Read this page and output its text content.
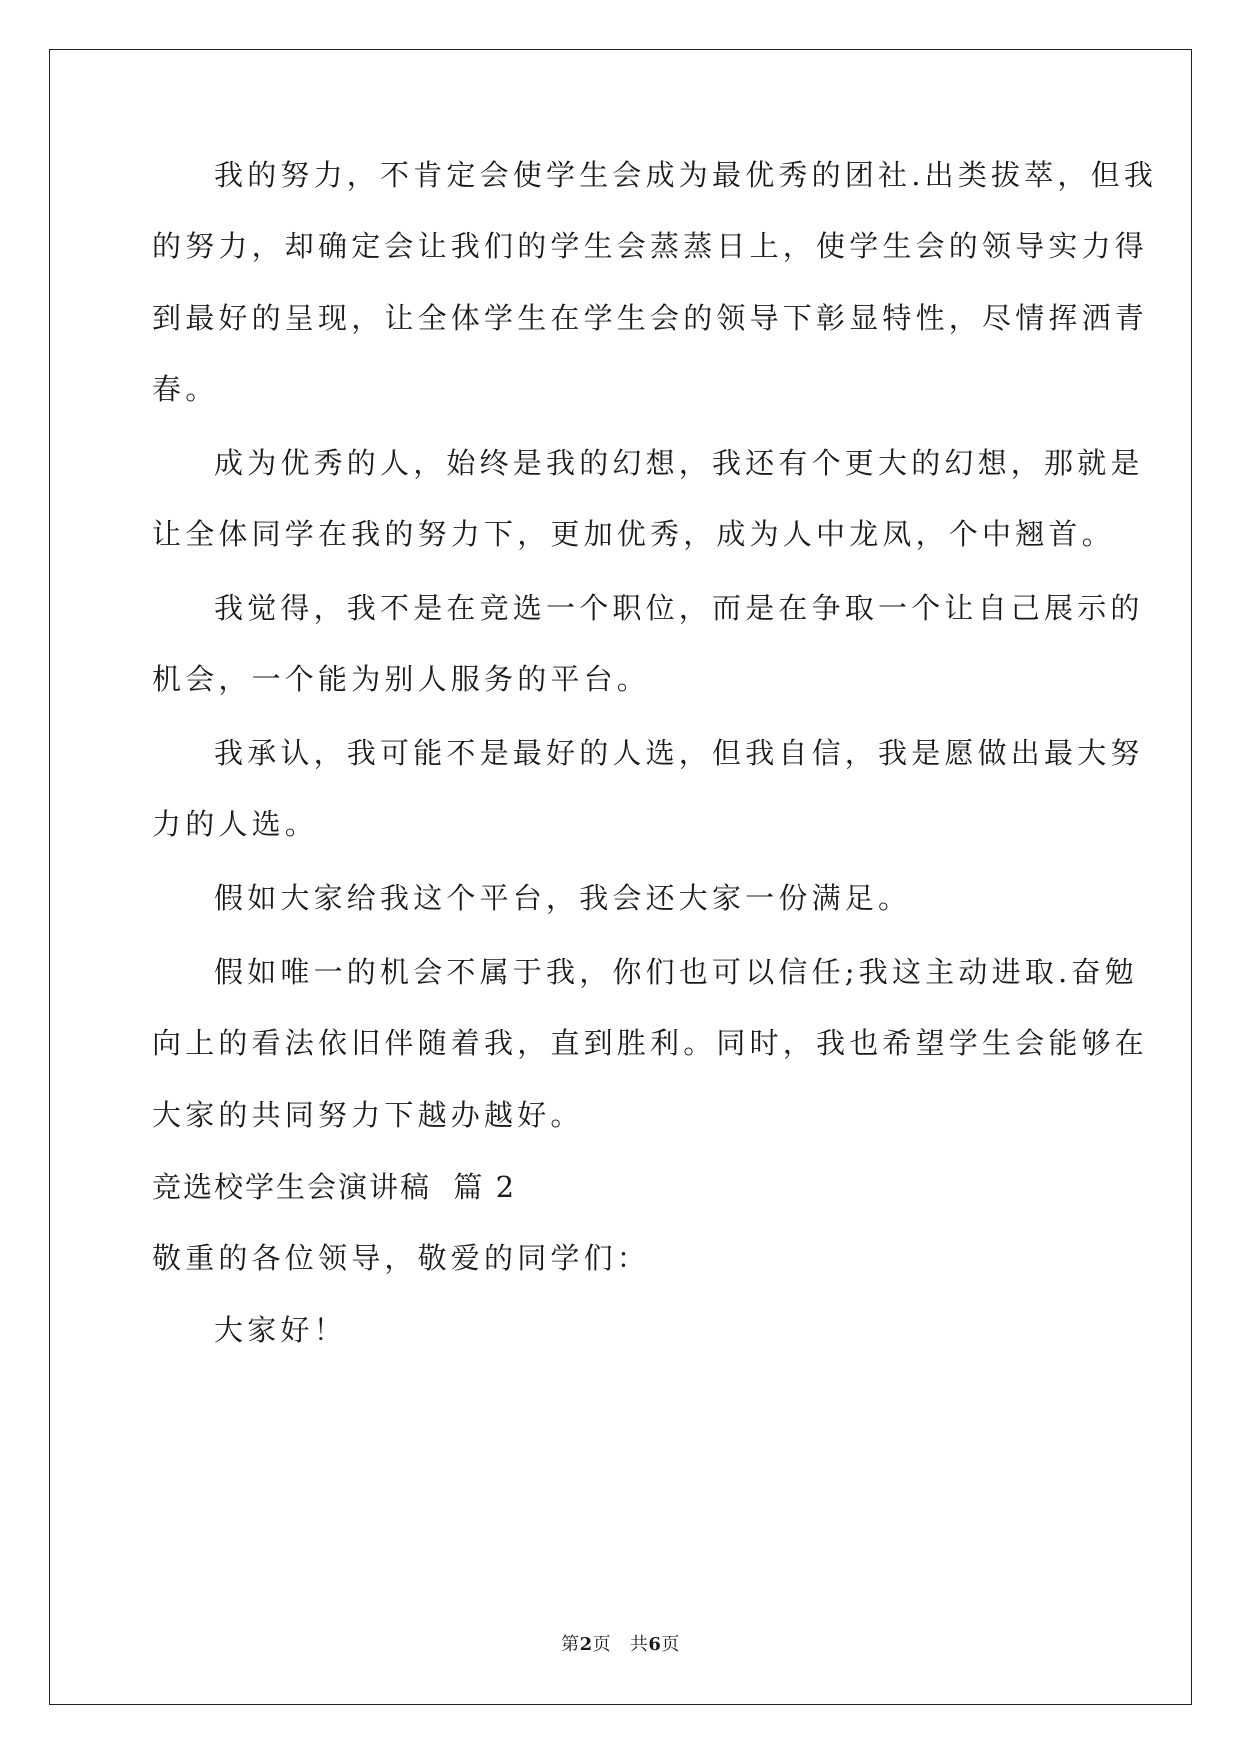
我的努力，不肯定会使学生会成为最优秀的团社.出类拔萃，但我
的努力，却确定会让我们的学生会蒸蒸日上，使学生会的领导实力得
到最好的呈现，让全体学生在学生会的领导下彰显特性，尽情挥洒青
春。
成为优秀的人，始终是我的幻想，我还有个更大的幻想，那就是
让全体同学在我的努力下，更加优秀，成为人中龙凤，个中翘首。
我觉得，我不是在竞选一个职位，而是在争取一个让自己展示的
机会，一个能为别人服务的平台。
我承认，我可能不是最好的人选，但我自信，我是愿做出最大努
力的人选。
假如大家给我这个平台，我会还大家一份满足。
假如唯一的机会不属于我，你们也可以信任;我这主动进取.奋勉
向上的看法依旧伴随着我，直到胜利。同时，我也希望学生会能够在
大家的共同努力下越办越好。
竞选校学生会演讲稿  篇 2
敬重的各位领导，敬爱的同学们：
大家好！
第2页   共6页
